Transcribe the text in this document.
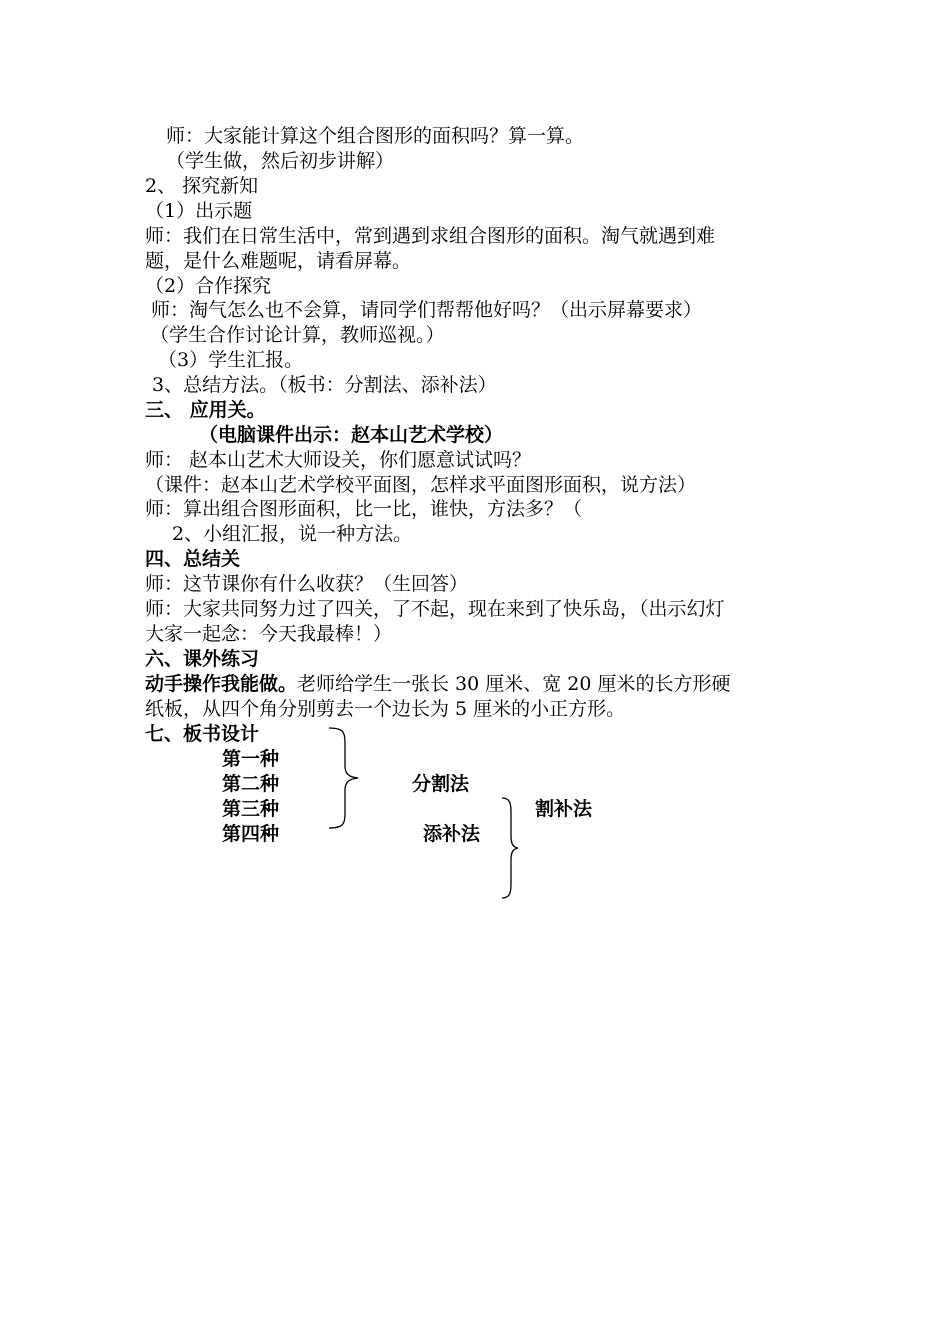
师：大家能计算这个组合图形的面积吗？算一算。
（学生做，然后初步讲解）
2、 探究新知
（1）出示题
师：我们在日常生活中，常到遇到求组合图形的面积。淘气就遇到难
题，是什么难题呢，请看屏幕。
（2）合作探究
师：淘气怎么也不会算，请同学们帮帮他好吗？（出示屏幕要求）
（学生合作讨论计算，教师巡视。）
（3）学生汇报。
3、总结方法。（板书：分割法、添补法）
三、 应用关。
（电脑课件出示：赵本山艺术学校）
师： 赵本山艺术大师设关，你们愿意试试吗？
（课件：赵本山艺术学校平面图，怎样求平面图形面积，说方法）
师：算出组合图形面积，比一比，谁快，方法多？（
2、小组汇报，说一种方法。
四、总结关
师：这节课你有什么收获？（生回答）
师：大家共同努力过了四关，了不起，现在来到了快乐岛，（出示幻灯
大家一起念：今天我最棒！）
六、课外练习
动手操作我能做。老师给学生一张长 30 厘米、宽 20 厘米的长方形硬
纸板，从四个角分别剪去一个边长为 5 厘米的小正方形。
七、板书设计
第一种
第二种
第三种
第四种
分割法
添补法
割补法
